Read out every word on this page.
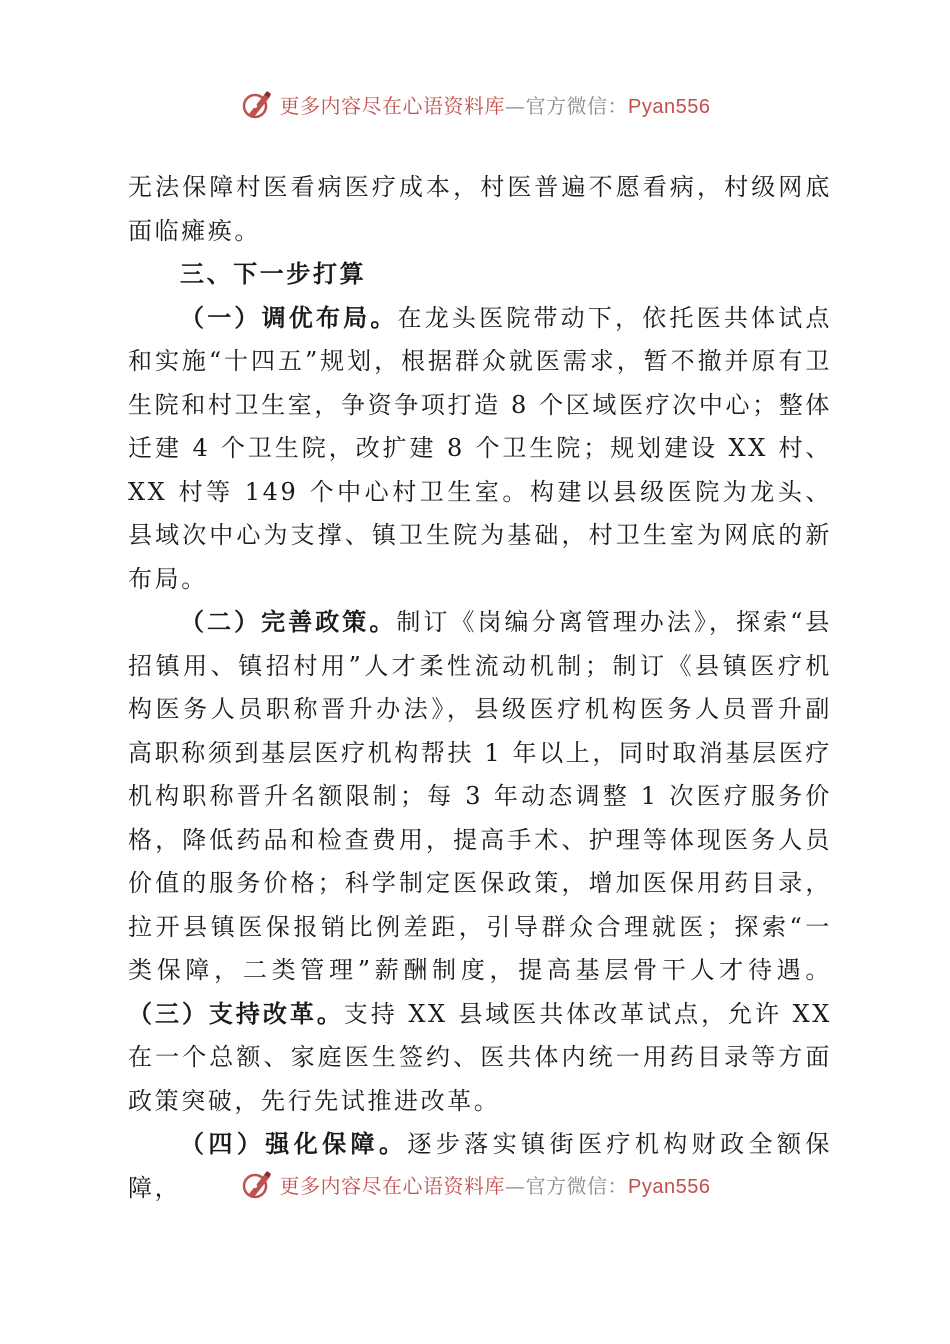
更多内容尽在心语资料库—官方微信：Pyan556

无法保障村医看病医疗成本，村医普遍不愿看病，村级网底面临瘫痪。

三、下一步打算

（一）调优布局。在龙头医院带动下，依托医共体试点和实施“十四五”规划，根据群众就医需求，暂不撤并原有卫生院和村卫生室，争资争项打造 8 个区域医疗次中心；整体迁建 4 个卫生院，改扩建 8 个卫生院；规划建设 XX 村、XX 村等 149 个中心村卫生室。构建以县级医院为龙头、县域次中心为支撑、镇卫生院为基础，村卫生室为网底的新布局。

（二）完善政策。制订《岗编分离管理办法》，探索“县招镇用、镇招村用”人才柔性流动机制；制订《县镇医疗机构医务人员职称晋升办法》，县级医疗机构医务人员晋升副高职称须到基层医疗机构帮扶 1 年以上，同时取消基层医疗机构职称晋升名额限制；每 3 年动态调整 1 次医疗服务价格，降低药品和检查费用，提高手术、护理等体现医务人员价值的服务价格；科学制定医保政策，增加医保用药目录，拉开县镇医保报销比例差距，引导群众合理就医；探索“一类保障，二类管理”薪酬制度，提高基层骨干人才待遇。（三）支持改革。支持 XX 县域医共体改革试点，允许 XX 在一个总额、家庭医生签约、医共体内统一用药目录等方面政策突破，先行先试推进改革。

（四）强化保障。逐步落实镇街医疗机构财政全额保障，	更多内容尽在心语资料库—官方微信：Pyan556
